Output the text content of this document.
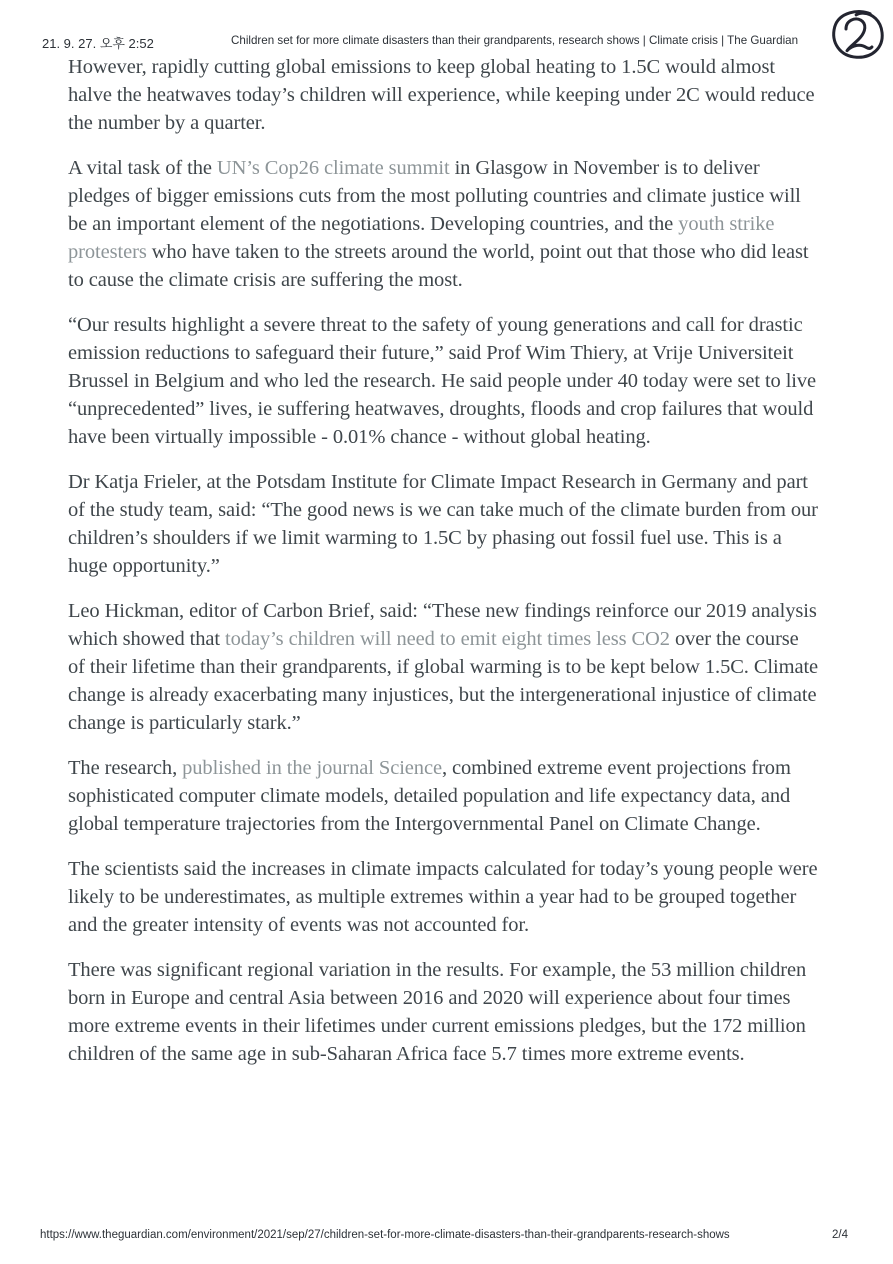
21. 9. 27. 오후 2:52	Children set for more climate disasters than their grandparents, research shows | Climate crisis | The Guardian

However, rapidly cutting global emissions to keep global heating to 1.5C would almost halve the heatwaves today’s children will experience, while keeping under 2C would reduce the number by a quarter.

A vital task of the UN’s Cop26 climate summit in Glasgow in November is to deliver pledges of bigger emissions cuts from the most polluting countries and climate justice will be an important element of the negotiations. Developing countries, and the youth strike protesters who have taken to the streets around the world, point out that those who did least to cause the climate crisis are suffering the most.

“Our results highlight a severe threat to the safety of young generations and call for drastic emission reductions to safeguard their future,” said Prof Wim Thiery, at Vrije Universiteit Brussel in Belgium and who led the research. He said people under 40 today were set to live “unprecedented” lives, ie suffering heatwaves, droughts, floods and crop failures that would have been virtually impossible - 0.01% chance - without global heating.

Dr Katja Frieler, at the Potsdam Institute for Climate Impact Research in Germany and part of the study team, said: “The good news is we can take much of the climate burden from our children’s shoulders if we limit warming to 1.5C by phasing out fossil fuel use. This is a huge opportunity.”

Leo Hickman, editor of Carbon Brief, said: “These new findings reinforce our 2019 analysis which showed that today’s children will need to emit eight times less CO2 over the course of their lifetime than their grandparents, if global warming is to be kept below 1.5C. Climate change is already exacerbating many injustices, but the intergenerational injustice of climate change is particularly stark.”

The research, published in the journal Science, combined extreme event projections from sophisticated computer climate models, detailed population and life expectancy data, and global temperature trajectories from the Intergovernmental Panel on Climate Change.

The scientists said the increases in climate impacts calculated for today’s young people were likely to be underestimates, as multiple extremes within a year had to be grouped together and the greater intensity of events was not accounted for.

There was significant regional variation in the results. For example, the 53 million children born in Europe and central Asia between 2016 and 2020 will experience about four times more extreme events in their lifetimes under current emissions pledges, but the 172 million children of the same age in sub-Saharan Africa face 5.7 times more extreme events.

https://www.theguardian.com/environment/2021/sep/27/children-set-for-more-climate-disasters-than-their-grandparents-research-shows	2/4
